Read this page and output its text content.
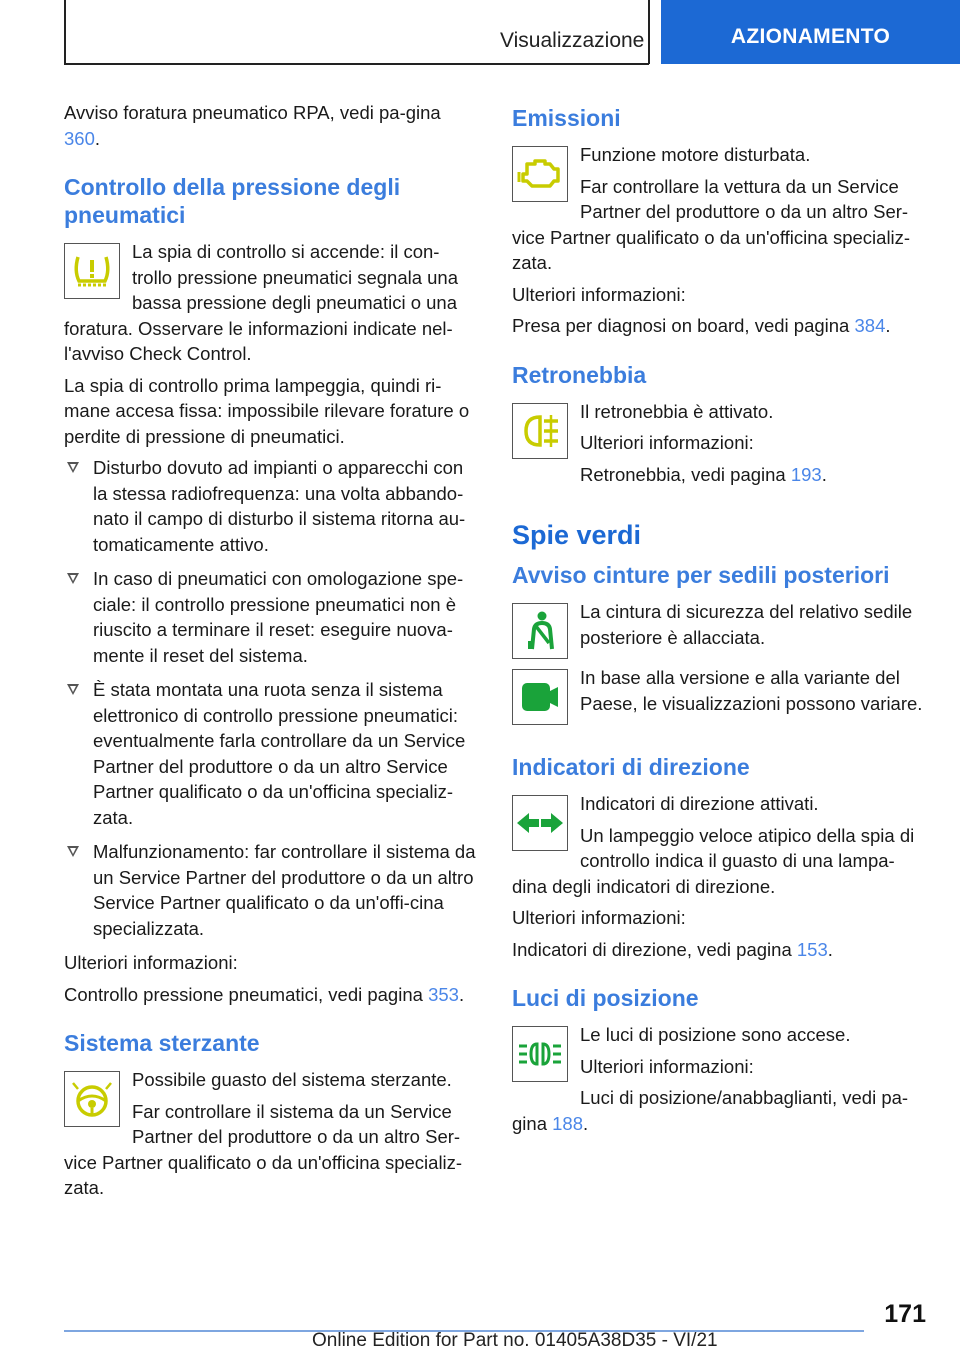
Visualizzazione	AZIONAMENTO

Avviso foratura pneumatico RPA, vedi pa-gina 360.

Controllo della pressione degli pneumatici

La spia di controllo si accende: il con-trollo pressione pneumatici segnala una bassa pressione degli pneumatici o una foratura. Osservare le informazioni indicate nel-l'avviso Check Control.

La spia di controllo prima lampeggia, quindi ri-mane accesa fissa: impossibile rilevare forature o perdite di pressione di pneumatici.

Disturbo dovuto ad impianti o apparecchi con la stessa radiofrequenza: una volta abbando-nato il campo di disturbo il sistema ritorna au-tomaticamente attivo.
In caso di pneumatici con omologazione spe-ciale: il controllo pressione pneumatici non è riuscito a terminare il reset: eseguire nuova-mente il reset del sistema.
È stata montata una ruota senza il sistema elettronico di controllo pressione pneumatici: eventualmente farla controllare da un Service Partner del produttore o da un altro Service Partner qualificato o da un'officina specializ-zata.
Malfunzionamento: far controllare il sistema da un Service Partner del produttore o da un altro Service Partner qualificato o da un'offi-cina specializzata.

Ulteriori informazioni:

Controllo pressione pneumatici, vedi pagina 353.

Sistema sterzante

Possibile guasto del sistema sterzante.

Far controllare il sistema da un Service Partner del produttore o da un altro Ser-vice Partner qualificato o da un'officina specializ-zata.

Emissioni

Funzione motore disturbata.

Far controllare la vettura da un Service Partner del produttore o da un altro Ser-vice Partner qualificato o da un'officina specializ-zata.

Ulteriori informazioni:

Presa per diagnosi on board, vedi pagina 384.

Retronebbia

Il retronebbia è attivato.

Ulteriori informazioni:

Retronebbia, vedi pagina 193.

Spie verdi
Avviso cinture per sedili posteriori

La cintura di sicurezza del relativo sedile posteriore è allacciata.

In base alla versione e alla variante del Paese, le visualizzazioni possono variare.

Indicatori di direzione

Indicatori di direzione attivati.

Un lampeggio veloce atipico della spia di controllo indica il guasto di una lampa-dina degli indicatori di direzione.

Ulteriori informazioni:

Indicatori di direzione, vedi pagina 153.

Luci di posizione

Le luci di posizione sono accese.

Ulteriori informazioni:

Luci di posizione/anabbaglianti, vedi pa-gina 188.

171
Online Edition for Part no. 01405A38D35 - VI/21
